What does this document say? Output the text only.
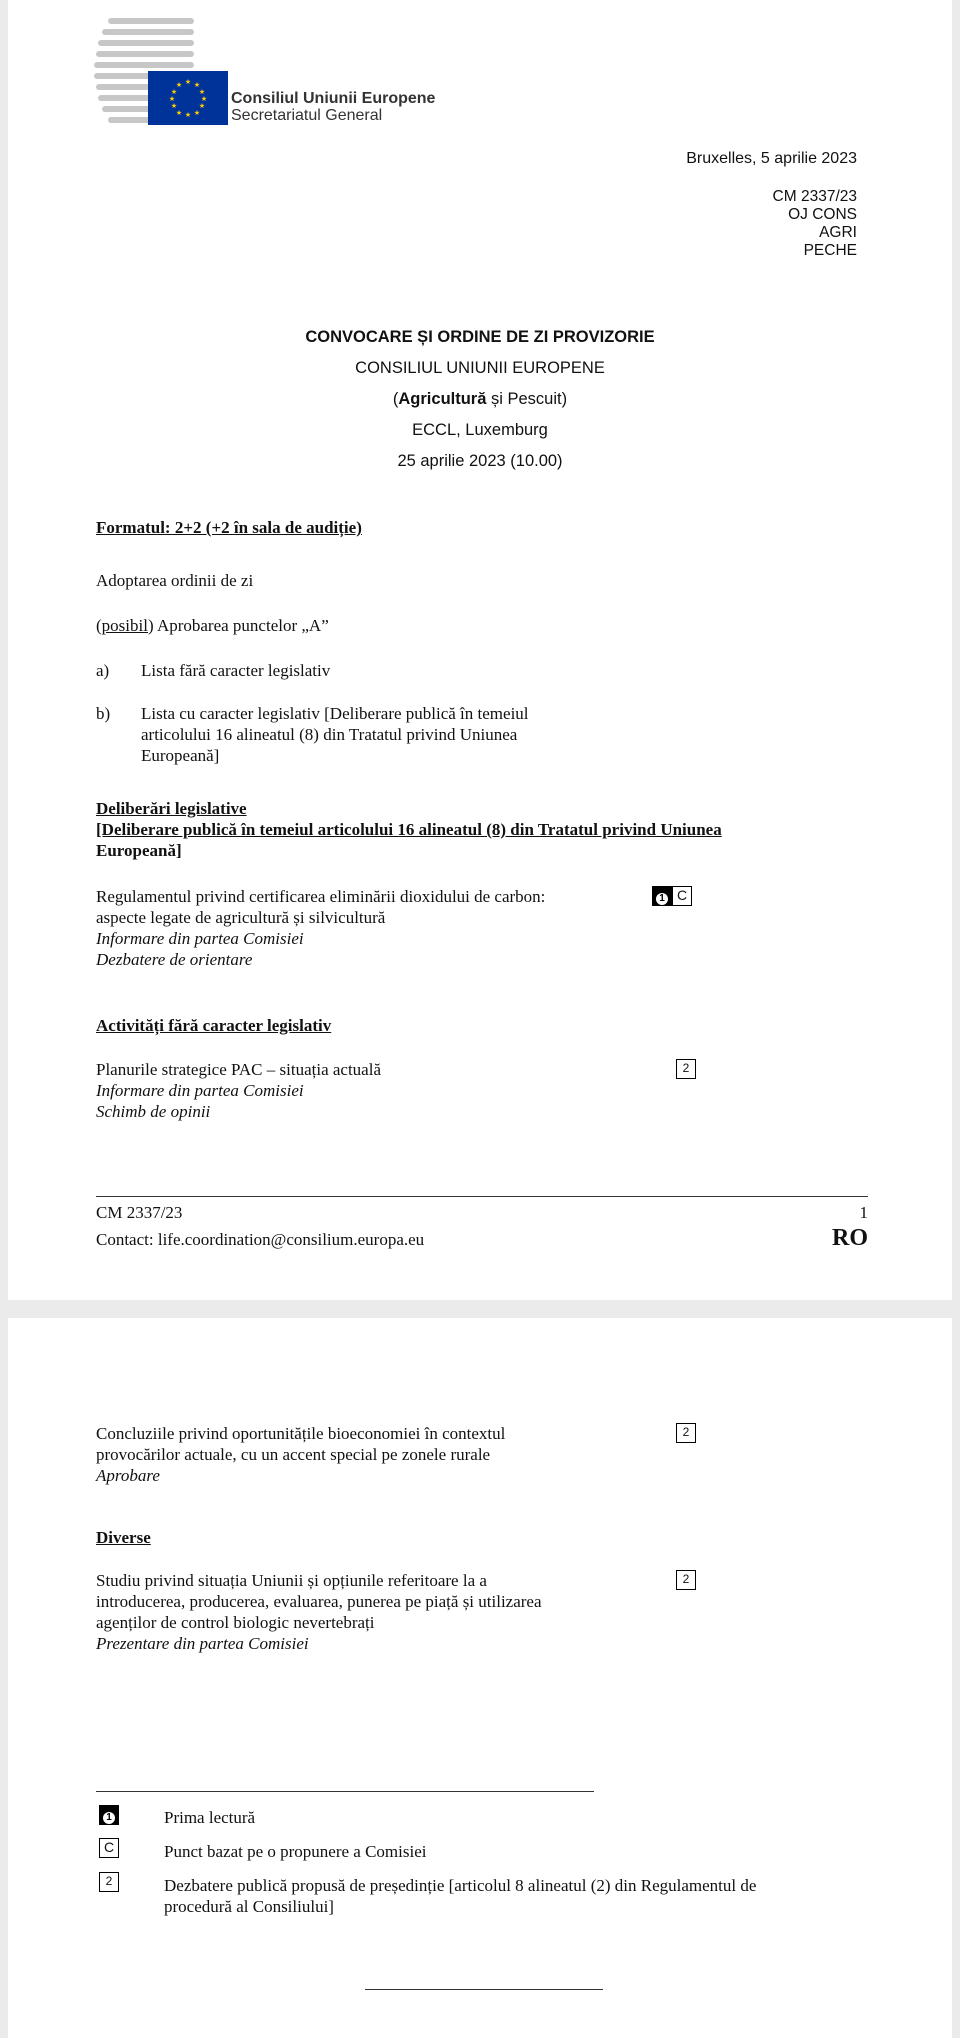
★ ★
★
★
★
★
★
★
★
★
★
★
Consiliul Uniunii Europene
Secretariatul General
Bruxelles, 5 aprilie 2023
CM 2337/23
OJ CONS
AGRI
PECHE
CONVOCARE ȘI ORDINE DE ZI PROVIZORIE
CONSILIUL UNIUNII EUROPENE
(Agricultură și Pescuit)
ECCL, Luxemburg
25 aprilie 2023 (10.00)
Formatul: 2+2 (+2 în sala de audiție)
Adoptarea ordinii de zi
(posibil) Aprobarea punctelor „A”
a) Lista fără caracter legislativ
b) Lista cu caracter legislativ [Deliberare publică în temeiul
articolului 16 alineatul (8) din Tratatul privind Uniunea
Europeană]
Deliberări legislative
[Deliberare publică în temeiul articolului 16 alineatul (8) din Tratatul privind Uniunea
Europeană]
Regulamentul privind certificarea eliminării dioxidului de carbon:
aspecte legate de agricultură și silvicultură
Informare din partea Comisiei
Dezbatere de orientare
1 C
Activități fără caracter legislativ
Planurile strategice PAC – situația actuală
Informare din partea Comisiei
Schimb de opinii
2
CM 2337/23	1
Contact: life.coordination@consilium.europa.eu	RO
Concluziile privind oportunitățile bioeconomiei în contextul
provocărilor actuale, cu un accent special pe zonele rurale
Aprobare
2
Diverse
Studiu privind situația Uniunii și opțiunile referitoare la a
introducerea, producerea, evaluarea, punerea pe piață și utilizarea
agenților de control biologic nevertebrați
Prezentare din partea Comisiei
2
1	Prima lectură
C	Punct bazat pe o propunere a Comisiei
2	Dezbatere publică propusă de președinție [articolul 8 alineatul (2) din Regulamentul de
procedură al Consiliului]
